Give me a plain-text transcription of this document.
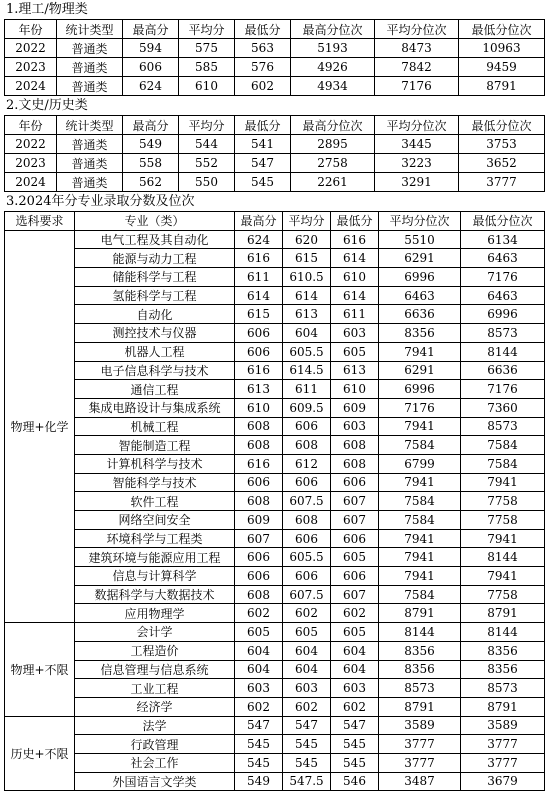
1.理工/物理类
年份	统计类型	最高分	平均分	最低分	最高分位次	平均分位次	最低分位次
2022	普通类	594	575	563	5193	8473	10963
2023	普通类	606	585	576	4926	7842	9459
2024	普通类	624	610	602	4934	7176	8791
2.文史/历史类
年份	统计类型	最高分	平均分	最低分	最高分位次	平均分位次	最低分位次
2022	普通类	549	544	541	2895	3445	3753
2023	普通类	558	552	547	2758	3223	3652
2024	普通类	562	550	545	2261	3291	3777
3.2024年分专业录取分数及位次
选科要求	专业（类）	最高分	平均分	最低分	平均分位次	最低分位次
物理+化学	电气工程及其自动化	624	620	616	5510	6134
	能源与动力工程	616	615	614	6291	6463
	储能科学与工程	611	610.5	610	6996	7176
	氢能科学与工程	614	614	614	6463	6463
	自动化	615	613	611	6636	6996
	测控技术与仪器	606	604	603	8356	8573
	机器人工程	606	605.5	605	7941	8144
	电子信息科学与技术	616	614.5	613	6291	6636
	通信工程	613	611	610	6996	7176
	集成电路设计与集成系统	610	609.5	609	7176	7360
	机械工程	608	606	603	7941	8573
	智能制造工程	608	608	608	7584	7584
	计算机科学与技术	616	612	608	6799	7584
	智能科学与技术	606	606	606	7941	7941
	软件工程	608	607.5	607	7584	7758
	网络空间安全	609	608	607	7584	7758
	环境科学与工程类	607	606	606	7941	7941
	建筑环境与能源应用工程	606	605.5	605	7941	8144
	信息与计算科学	606	606	606	7941	7941
	数据科学与大数据技术	608	607.5	607	7584	7758
	应用物理学	602	602	602	8791	8791
物理+不限	会计学	605	605	605	8144	8144
	工程造价	604	604	604	8356	8356
	信息管理与信息系统	604	604	604	8356	8356
	工业工程	603	603	603	8573	8573
	经济学	602	602	602	8791	8791
历史+不限	法学	547	547	547	3589	3589
	行政管理	545	545	545	3777	3777
	社会工作	545	545	545	3777	3777
	外国语言文学类	549	547.5	546	3487	3679
